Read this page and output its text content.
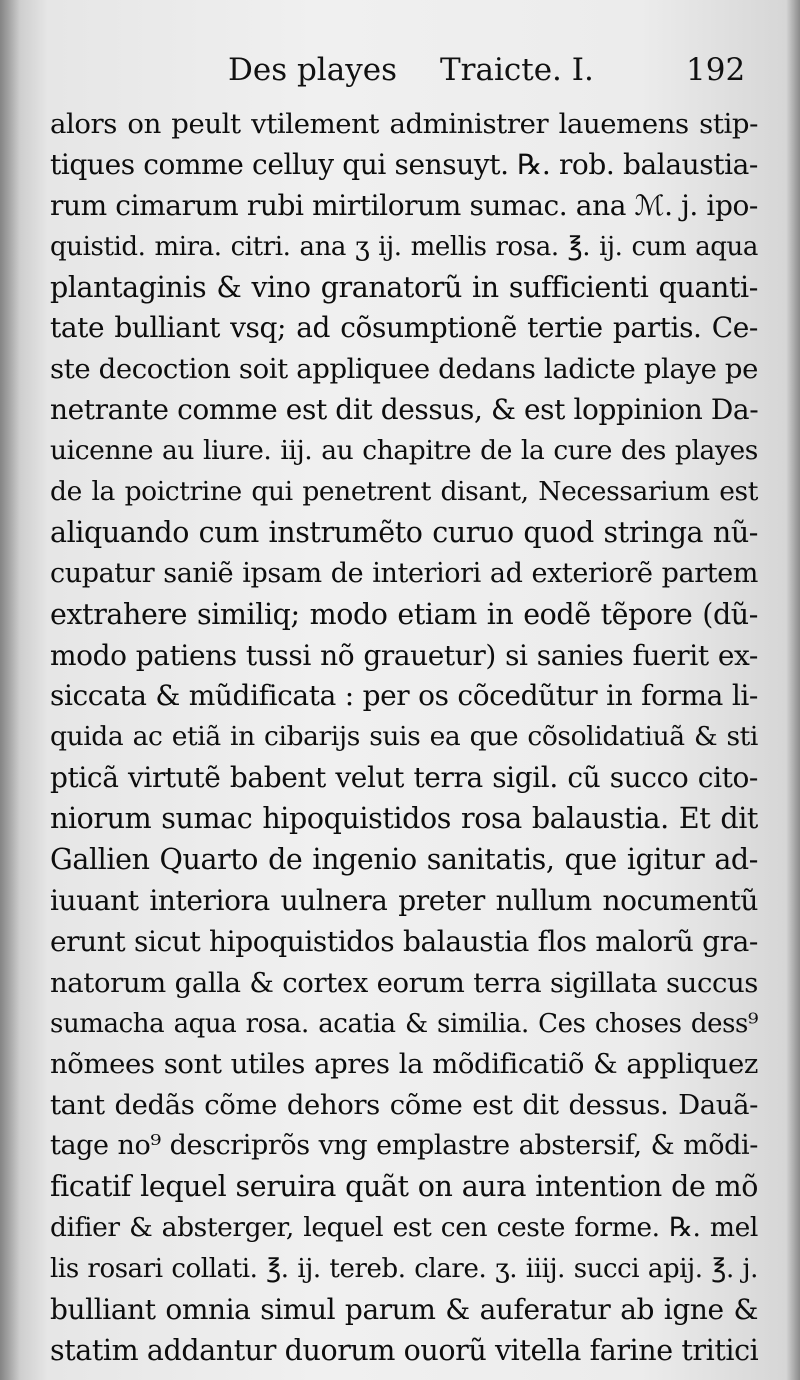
Des playes Traicte. I.	192
alors on peult vtilement administrer lauemens stip-
tiques comme celluy qui sensuyt. ℞. rob. balaustia-
rum cimarum rubi mirtilorum sumac. ana ℳ. j. ipo-
quistid. mira. citri. ana ʒ ij. mellis rosa. ℥. ij. cum aqua
plantaginis & vino granatorũ in sufficienti quanti-
tate bulliant vsq; ad cõsumptionẽ tertie partis. Ce-
ste decoction soit appliquee dedans ladicte playe pe
netrante comme est dit dessus, & est loppinion Da-
uicenne au liure. iij. au chapitre de la cure des playes
de la poictrine qui penetrent disant, Necessarium est
aliquando cum instrumẽto curuo quod stringa nũ-
cupatur saniẽ ipsam de interiori ad exteriorẽ partem
extrahere similiq; modo etiam in eodẽ tẽpore (dũ-
modo patiens tussi nõ grauetur) si sanies fuerit ex-
siccata & mũdificata : per os cõcedũtur in forma li-
quida ac etiã in cibarijs suis ea que cõsolidatiuã & sti
pticã virtutẽ babent velut terra sigil. cũ succo cito-
niorum sumac hipoquistidos rosa balaustia. Et dit
Gallien Quarto de ingenio sanitatis, que igitur ad-
iuuant interiora uulnera preter nullum nocumentũ
erunt sicut hipoquistidos balaustia flos malorũ gra-
natorum galla & cortex eorum terra sigillata succus
sumacha aqua rosa. acatia & similia. Ces choses dess⁹
nõmees sont utiles apres la mõdificatiõ & appliquez
tant dedãs cõme dehors cõme est dit dessus. Dauã-
tage no⁹ descriprõs vng emplastre abstersif, & mõdi-
ficatif lequel seruira quãt on aura intention de mõ
difier & absterger, lequel est cen ceste forme. ℞. mel
lis rosari collati. ℥. ij. tereb. clare. ʒ. iiij. succi apij. ℥. j.
bulliant omnia simul parum & auferatur ab igne &
statim addantur duorum ouorũ vitella farine tritici
